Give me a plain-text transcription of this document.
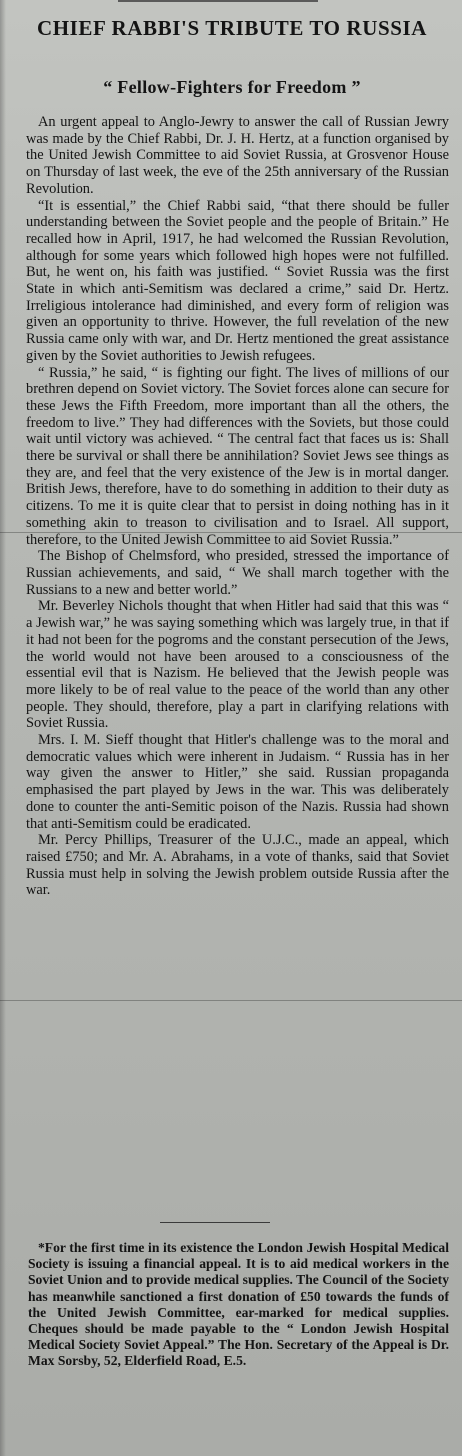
CHIEF RABBI'S TRIBUTE TO RUSSIA
“ Fellow-Fighters for Freedom ”

An urgent appeal to Anglo-Jewry to answer the call of Russian Jewry was made by the Chief Rabbi, Dr. J. H. Hertz, at a function organised by the United Jewish Committee to aid Soviet Russia, at Grosvenor House on Thursday of last week, the eve of the 25th anniversary of the Russian Revolution.

“It is essential,” the Chief Rabbi said, “that there should be fuller understanding between the Soviet people and the people of Britain.” He recalled how in April, 1917, he had welcomed the Russian Revolution, although for some years which followed high hopes were not fulfilled. But, he went on, his faith was justified. “ Soviet Russia was the first State in which anti-Semitism was declared a crime,” said Dr. Hertz. Irreligious intolerance had diminished, and every form of religion was given an opportunity to thrive. However, the full revelation of the new Russia came only with war, and Dr. Hertz mentioned the great assistance given by the Soviet authorities to Jewish refugees.

“ Russia,” he said, “ is fighting our fight. The lives of millions of our brethren depend on Soviet victory. The Soviet forces alone can secure for these Jews the Fifth Freedom, more important than all the others, the freedom to live.” They had differences with the Soviets, but those could wait until victory was achieved. “ The central fact that faces us is: Shall there be survival or shall there be annihilation? Soviet Jews see things as they are, and feel that the very existence of the Jew is in mortal danger. British Jews, therefore, have to do something in addition to their duty as citizens. To me it is quite clear that to persist in doing nothing has in it something akin to treason to civilisation and to Israel. All support, therefore, to the United Jewish Committee to aid Soviet Russia.”

The Bishop of Chelmsford, who presided, stressed the importance of Russian achievements, and said, “ We shall march together with the Russians to a new and better world.”

Mr. Beverley Nichols thought that when Hitler had said that this was “ a Jewish war,” he was saying something which was largely true, in that if it had not been for the pogroms and the constant persecution of the Jews, the world would not have been aroused to a consciousness of the essential evil that is Nazism. He believed that the Jewish people was more likely to be of real value to the peace of the world than any other people. They should, therefore, play a part in clarifying relations with Soviet Russia.

Mrs. I. M. Sieff thought that Hitler's challenge was to the moral and democratic values which were inherent in Judaism. “ Russia has in her way given the answer to Hitler,” she said. Russian propaganda emphasised the part played by Jews in the war. This was deliberately done to counter the anti-Semitic poison of the Nazis. Russia had shown that anti-Semitism could be eradicated.

Mr. Percy Phillips, Treasurer of the U.J.C., made an appeal, which raised £750; and Mr. A. Abrahams, in a vote of thanks, said that Soviet Russia must help in solving the Jewish problem outside Russia after the war.

*For the first time in its existence the London Jewish Hospital Medical Society is issuing a financial appeal. It is to aid medical workers in the Soviet Union and to provide medical supplies. The Council of the Society has meanwhile sanctioned a first donation of £50 towards the funds of the United Jewish Committee, ear-marked for medical supplies. Cheques should be made payable to the “ London Jewish Hospital Medical Society Soviet Appeal.” The Hon. Secretary of the Appeal is Dr. Max Sorsby, 52, Elderfield Road, E.5.
